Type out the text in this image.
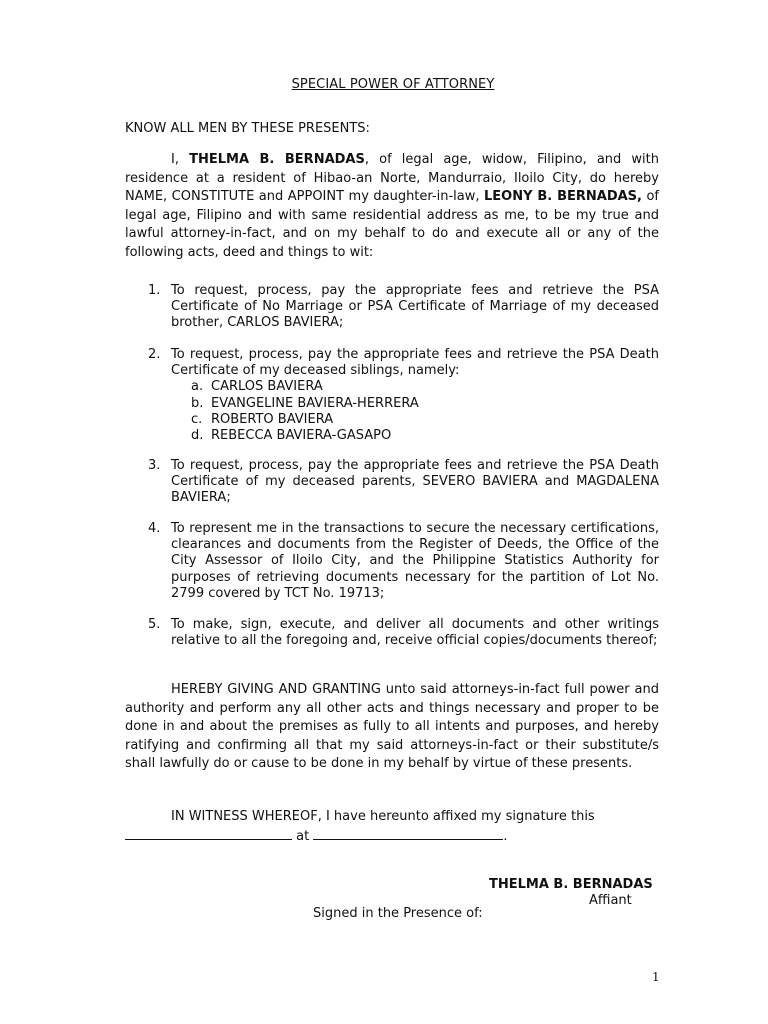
SPECIAL POWER OF ATTORNEY
KNOW ALL MEN BY THESE PRESENTS:
I, THELMA B. BERNADAS, of legal age, widow, Filipino, and with residence at a resident of Hibao-an Norte, Mandurraio, Iloilo City, do hereby NAME, CONSTITUTE and APPOINT my daughter-in-law, LEONY B. BERNADAS, of legal age, Filipino and with same residential address as me, to be my true and lawful attorney-in-fact, and on my behalf to do and execute all or any of the following acts, deed and things to wit:
1. To request, process, pay the appropriate fees and retrieve the PSA Certificate of No Marriage or PSA Certificate of Marriage of my deceased brother, CARLOS BAVIERA;
2. To request, process, pay the appropriate fees and retrieve the PSA Death Certificate of my deceased siblings, namely:
a. CARLOS BAVIERA
b. EVANGELINE BAVIERA-HERRERA
c. ROBERTO BAVIERA
d. REBECCA BAVIERA-GASAPO
3. To request, process, pay the appropriate fees and retrieve the PSA Death Certificate of my deceased parents, SEVERO BAVIERA and MAGDALENA BAVIERA;
4. To represent me in the transactions to secure the necessary certifications, clearances and documents from the Register of Deeds, the Office of the City Assessor of Iloilo City, and the Philippine Statistics Authority for purposes of retrieving documents necessary for the partition of Lot No. 2799 covered by TCT No. 19713;
5. To make, sign, execute, and deliver all documents and other writings relative to all the foregoing and, receive official copies/documents thereof;
HEREBY GIVING AND GRANTING unto said attorneys-in-fact full power and authority and perform any all other acts and things necessary and proper to be done in and about the premises as fully to all intents and purposes, and hereby ratifying and confirming all that my said attorneys-in-fact or their substitute/s shall lawfully do or cause to be done in my behalf by virtue of these presents.
IN WITNESS WHEREOF, I have hereunto affixed my signature this
at	.
THELMA B. BERNADAS
Affiant
Signed in the Presence of:
1
